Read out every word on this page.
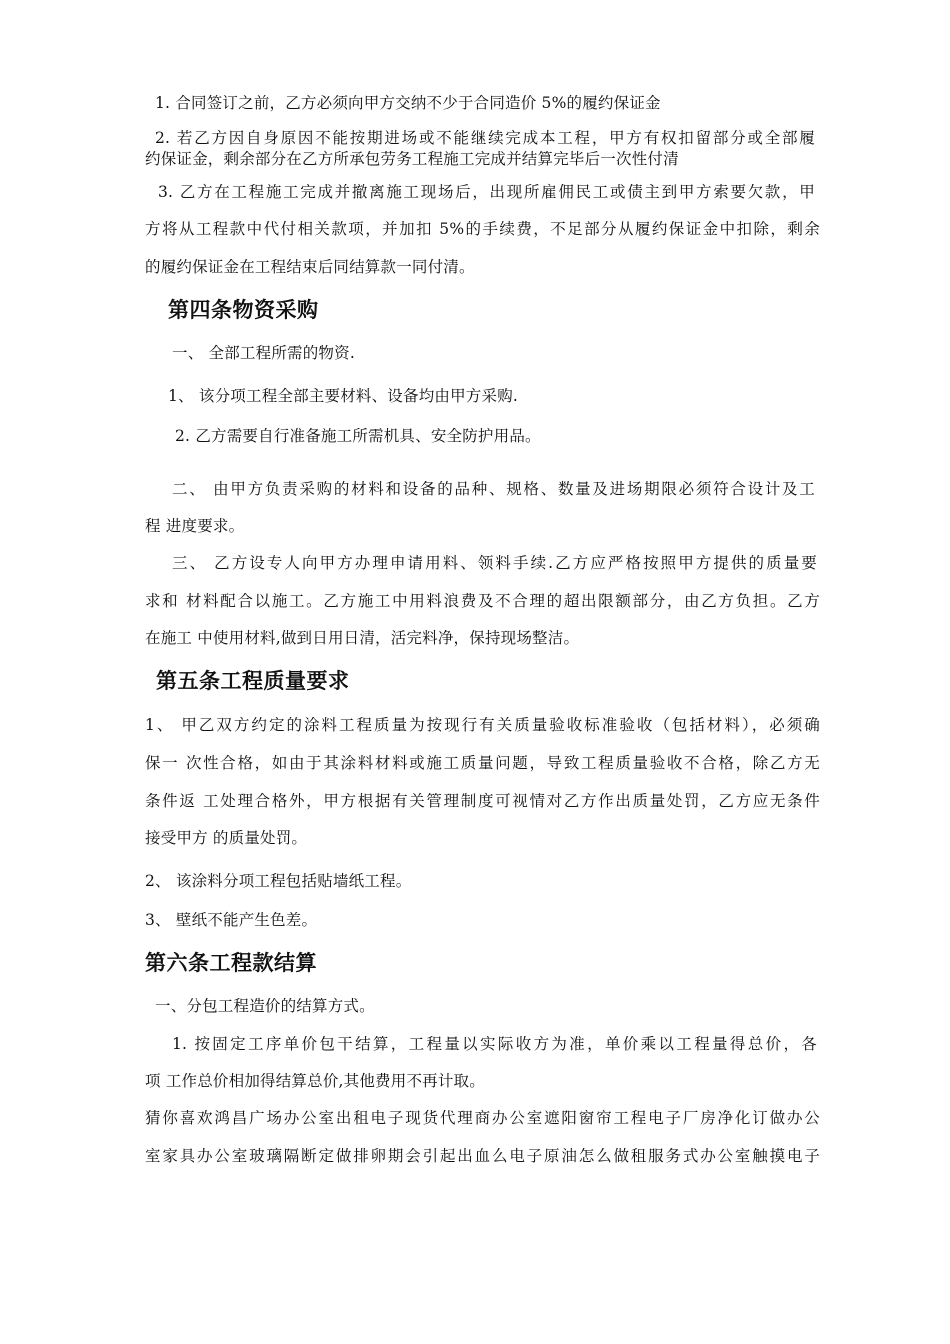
1. 合同签订之前，乙方必须向甲方交纳不少于合同造价 5%的履约保证金

2. 若乙方因自身原因不能按期进场或不能继续完成本工程，甲方有权扣留部分或全部履

约保证金，剩余部分在乙方所承包劳务工程施工完成并结算完毕后一次性付清

3. 乙方在工程施工完成并撤离施工现场后，出现所雇佣民工或债主到甲方索要欠款，甲

方将从工程款中代付相关款项，并加扣 5%的手续费，不足部分从履约保证金中扣除，剩余

的履约保证金在工程结束后同结算款一同付清。

第四条物资采购

一、 全部工程所需的物资.

1、 该分项工程全部主要材料、设备均由甲方采购.

2. 乙方需要自行准备施工所需机具、安全防护用品。

二、 由甲方负责采购的材料和设备的品种、规格、数量及进场期限必须符合设计及工

程 进度要求。

三、 乙方设专人向甲方办理申请用料、领料手续.乙方应严格按照甲方提供的质量要

求和 材料配合以施工。乙方施工中用料浪费及不合理的超出限额部分，由乙方负担。乙方

在施工 中使用材料,做到日用日清，活完料净，保持现场整洁。

第五条工程质量要求

1、 甲乙双方约定的涂料工程质量为按现行有关质量验收标准验收（包括材料），必须确

保一 次性合格，如由于其涂料材料或施工质量问题，导致工程质量验收不合格，除乙方无

条件返 工处理合格外，甲方根据有关管理制度可视情对乙方作出质量处罚，乙方应无条件

接受甲方 的质量处罚。

2、 该涂料分项工程包括贴墙纸工程。

3、 壁纸不能产生色差。

第六条工程款结算

一、分包工程造价的结算方式。

1. 按固定工序单价包干结算，工程量以实际收方为准，单价乘以工程量得总价，各

项 工作总价相加得结算总价,其他费用不再计取。

猜你喜欢鸿昌广场办公室出租电子现货代理商办公室遮阳窗帘工程电子厂房净化订做办公

室家具办公室玻璃隔断定做排卵期会引起出血么电子原油怎么做租服务式办公室触摸电子
